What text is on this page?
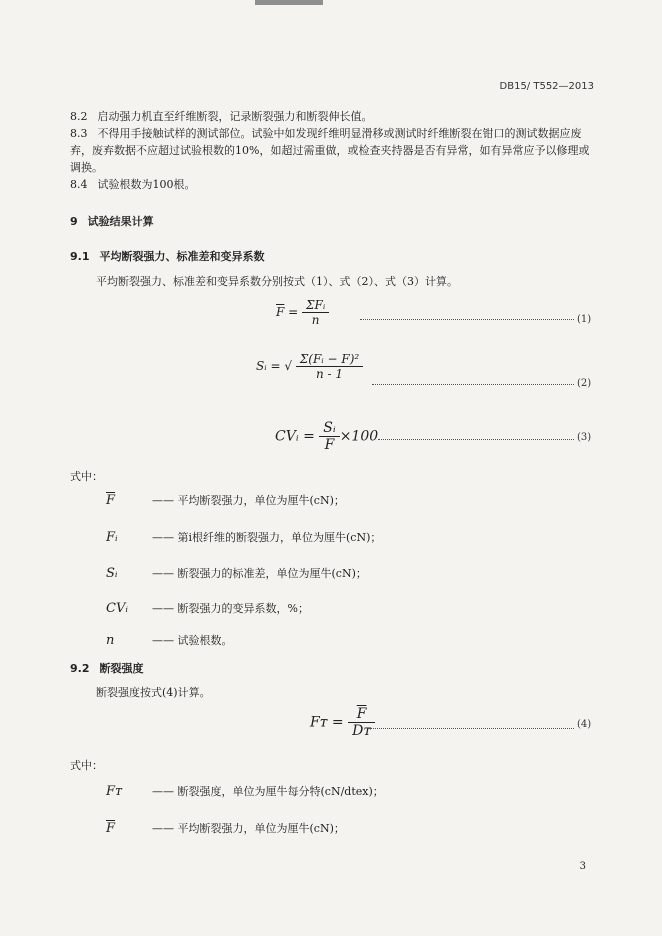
DB15/ T552—2013
8.2 启动强力机直至纤维断裂，记录断裂强力和断裂伸长值。
8.3 不得用手接触试样的测试部位。试验中如发现纤维明显滑移或测试时纤维断裂在钳口的测试数据应废弃，废弃数据不应超过试验根数的10%，如超过需重做，或检查夹持器是否有异常，如有异常应予以修理或调换。
8.4 试验根数为100根。
9 试验结果计算
9.1 平均断裂强力、标准差和变异系数
平均断裂强力、标准差和变异系数分别按式（1）、式（2）、式（3）计算。
$\overline{F} = \frac{\text{ΣFᵢ}}{n}$	(1)
Sᵢ = √ $\frac{\text{Σ(Fᵢ − F)²}}{n - 1}$
(2)
CVᵢ = $\frac{\text{Sᵢ}}{F} \times 100$	(3)
式中：
$\overline{F}$	—— 平均断裂强力，单位为厘牛(cN)；
Fᵢ	—— 第i根纤维的断裂强力，单位为厘牛(cN)；
Sᵢ	—— 断裂强力的标准差，单位为厘牛(cN)；
CVᵢ	—— 断裂强力的变异系数，%；
n	—— 试验根数。
9.2 断裂强度
断裂强度按式(4)计算。
Fᴛ = $\frac{\overline{F}}{\text{Dᴛ}}$	(4)
式中：
Fᴛ	—— 断裂强度，单位为厘牛每分特(cN/dtex)；
$\overline{F}$	—— 平均断裂强力，单位为厘牛(cN)；
3
